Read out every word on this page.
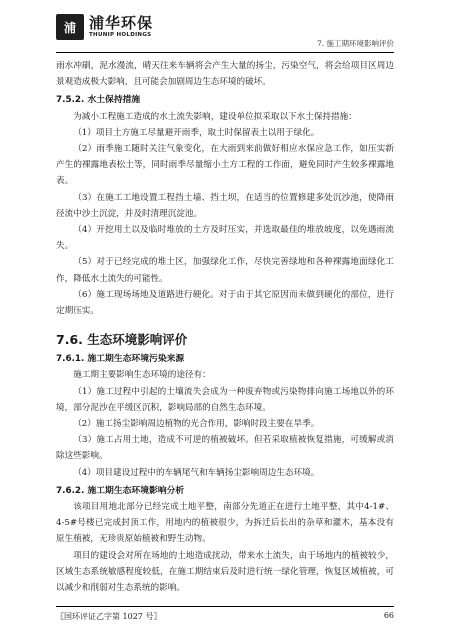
浦 浦华环保
THUNIP HOLDINGS
7. 施工期环境影响评价

雨水冲刷，泥水漫流，晴天往来车辆将会产生大量的扬尘，污染空气，将会给项目区周边景观造成极大影响，且可能会加剧周边生态环境的破坏。

7.5.2. 水土保持措施

为减小工程施工造成的水土流失影响，建设单位拟采取以下水土保持措施：

（1）项目土方施工尽量避开雨季，取土时保留表土以用于绿化。

（2）雨季施工随时关注气象变化，在大雨到来前做好相应水保应急工作，如压实新产生的裸露地表松土等，同时雨季尽量缩小土方工程的工作面，避免同时产生较多裸露地表。

（3）在施工工地设置工程挡土墙、挡土坝，在适当的位置修建多处沉沙池，使降雨径流中沙土沉淀，并及时清理沉淀池。

（4）开挖用土以及临时堆放的土方及时压实，并选取最佳的堆放坡度，以免遇雨流失。

（5）对于已经完成的堆土区，加强绿化工作，尽快完善绿地和各种裸露地面绿化工作，降低水土流失的可能性。

（6）施工现场场地及道路进行硬化。对于由于其它原因而未做到硬化的部位，进行定期压实。

7.6. 生态环境影响评价

7.6.1. 施工期生态环境污染来源

施工期主要影响生态环境的途径有：

（1）施工过程中引起的土壤流失会成为一种废弃物或污染物排向施工场地以外的环境，部分泥沙在平缓区沉积，影响局部的自然生态环境。

（2）施工扬尘影响周边植物的光合作用，影响时段主要在旱季。

（3）施工占用土地，造成不可逆的植被破坏。但若采取植被恢复措施，可缓解或消除这些影响。

（4）项目建设过程中的车辆尾气和车辆扬尘影响周边生态环境。

7.6.2. 施工期生态环境影响分析

该项目用地北部分已经完成土地平整，南部分先道正在进行土地平整，其中4-1#、4-5#号楼已完成封顶工作，用地内的植被很少，为拆迁后长出的杂草和灌木，基本没有原生植被，无珍贵原始植被和野生动物。

项目的建设会对所在场地的土地造成扰动，带来水土流失，由于场地内的植被较少，区域生态系统敏感程度较低，在施工期结束后及时进行统一绿化管理，恢复区域植被，可以减少和削弱对生态系统的影响。

〖国环评证乙字第 1027 号〗	66
